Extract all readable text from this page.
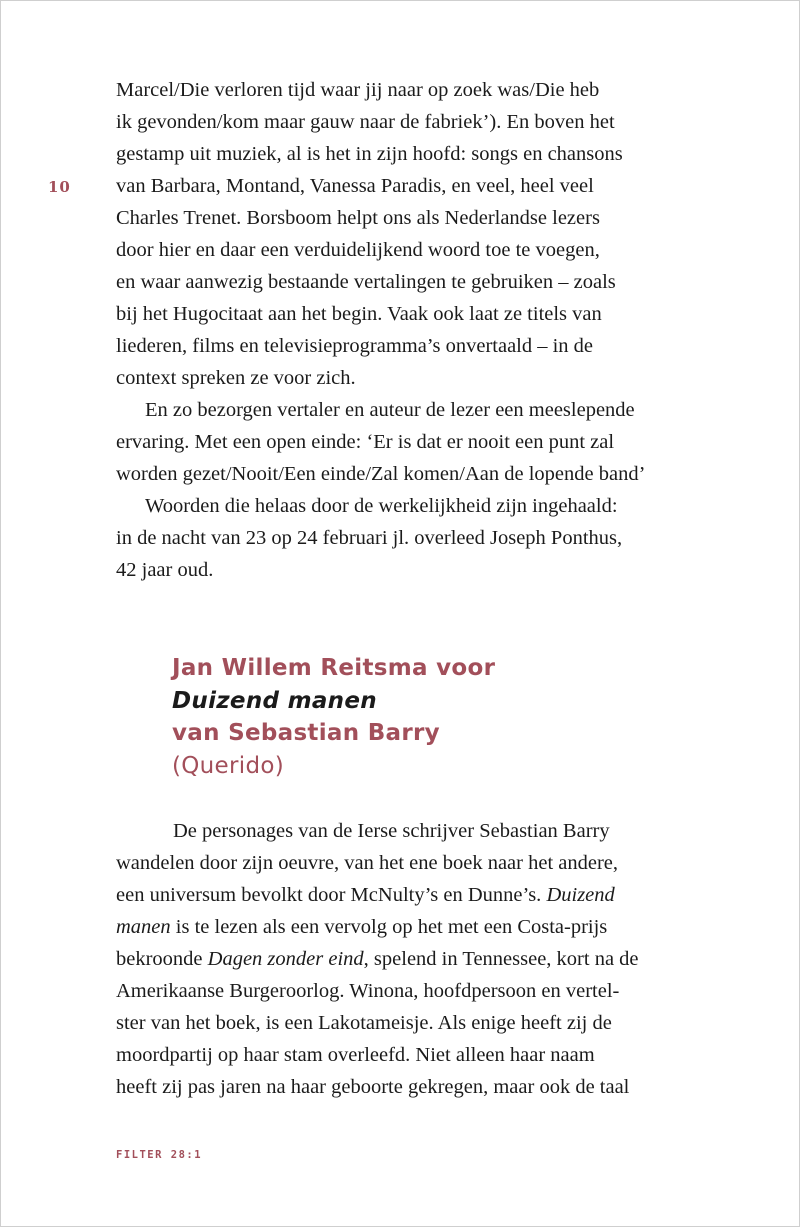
10

Marcel/Die verloren tijd waar jij naar op zoek was/Die heb

ik gevonden/kom maar gauw naar de fabriek’). En boven het

gestamp uit muziek, al is het in zijn hoofd: songs en chansons

van Barbara, Montand, Vanessa Paradis, en veel, heel veel

Charles Trenet. Borsboom helpt ons als Nederlandse lezers

door hier en daar een verduidelijkend woord toe te voegen,

en waar aanwezig bestaande vertalingen te gebruiken – zoals

bij het Hugocitaat aan het begin. Vaak ook laat ze titels van

liederen, films en televisieprogramma’s onvertaald – in de

context spreken ze voor zich.

En zo bezorgen vertaler en auteur de lezer een meeslepende

ervaring. Met een open einde: ‘Er is dat er nooit een punt zal

worden gezet/Nooit/Een einde/Zal komen/Aan de lopende band’

Woorden die helaas door de werkelijkheid zijn ingehaald:

in de nacht van 23 op 24 februari jl. overleed Joseph Ponthus,

42 jaar oud.

Jan Willem Reitsma voor
Duizend manen
van Sebastian Barry
(Querido)

De personages van de Ierse schrijver Sebastian Barry

wandelen door zijn oeuvre, van het ene boek naar het andere,

een universum bevolkt door McNulty’s en Dunne’s. Duizend

manen is te lezen als een vervolg op het met een Costa-prijs

bekroonde Dagen zonder eind, spelend in Tennessee, kort na de

Amerikaanse Burgeroorlog. Winona, hoofdpersoon en vertel-

ster van het boek, is een Lakotameisje. Als enige heeft zij de

moordpartij op haar stam overleefd. Niet alleen haar naam

heeft zij pas jaren na haar geboorte gekregen, maar ook de taal

FILTER 28:1
